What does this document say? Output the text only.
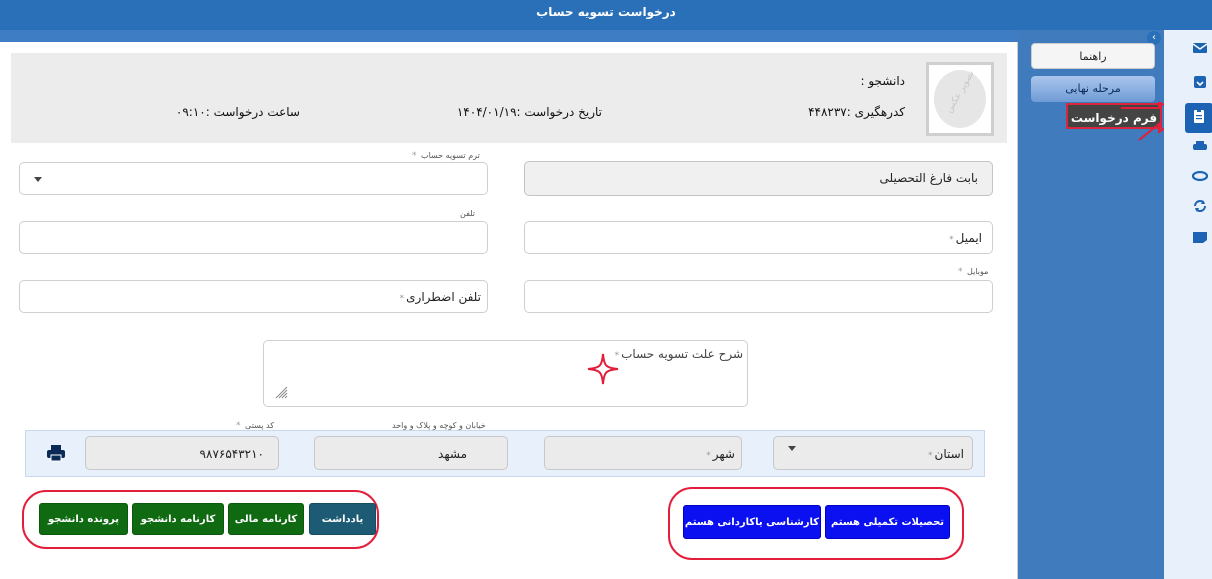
درخواست تسویه حساب
›
راهنما
مرحله نهایی
فرم درخواست
تصویر عکس
دانشجو :
کدرهگیری :۴۴۸۲۳۷
تاریخ درخواست :۱۴۰۴/۰۱/۱۹
ساعت درخواست :۰۹:۱۰
بابت فارغ التحصیلی
ترم تسویه حساب *
تلفن
ایمیل*
تلفن اضطراری*
موبایل *
شرح علت تسویه حساب*
استان*
شهر*
خیابان و کوچه و پلاک و واحد
مشهد
کد پستی *
۹۸۷۶۵۴۳۲۱۰
یادداشت
کارنامه مالی
کارنامه دانشجو
پرونده دانشجو	تحصیلات تکمیلی هستم
کارشناسی یاکاردانی هستم
